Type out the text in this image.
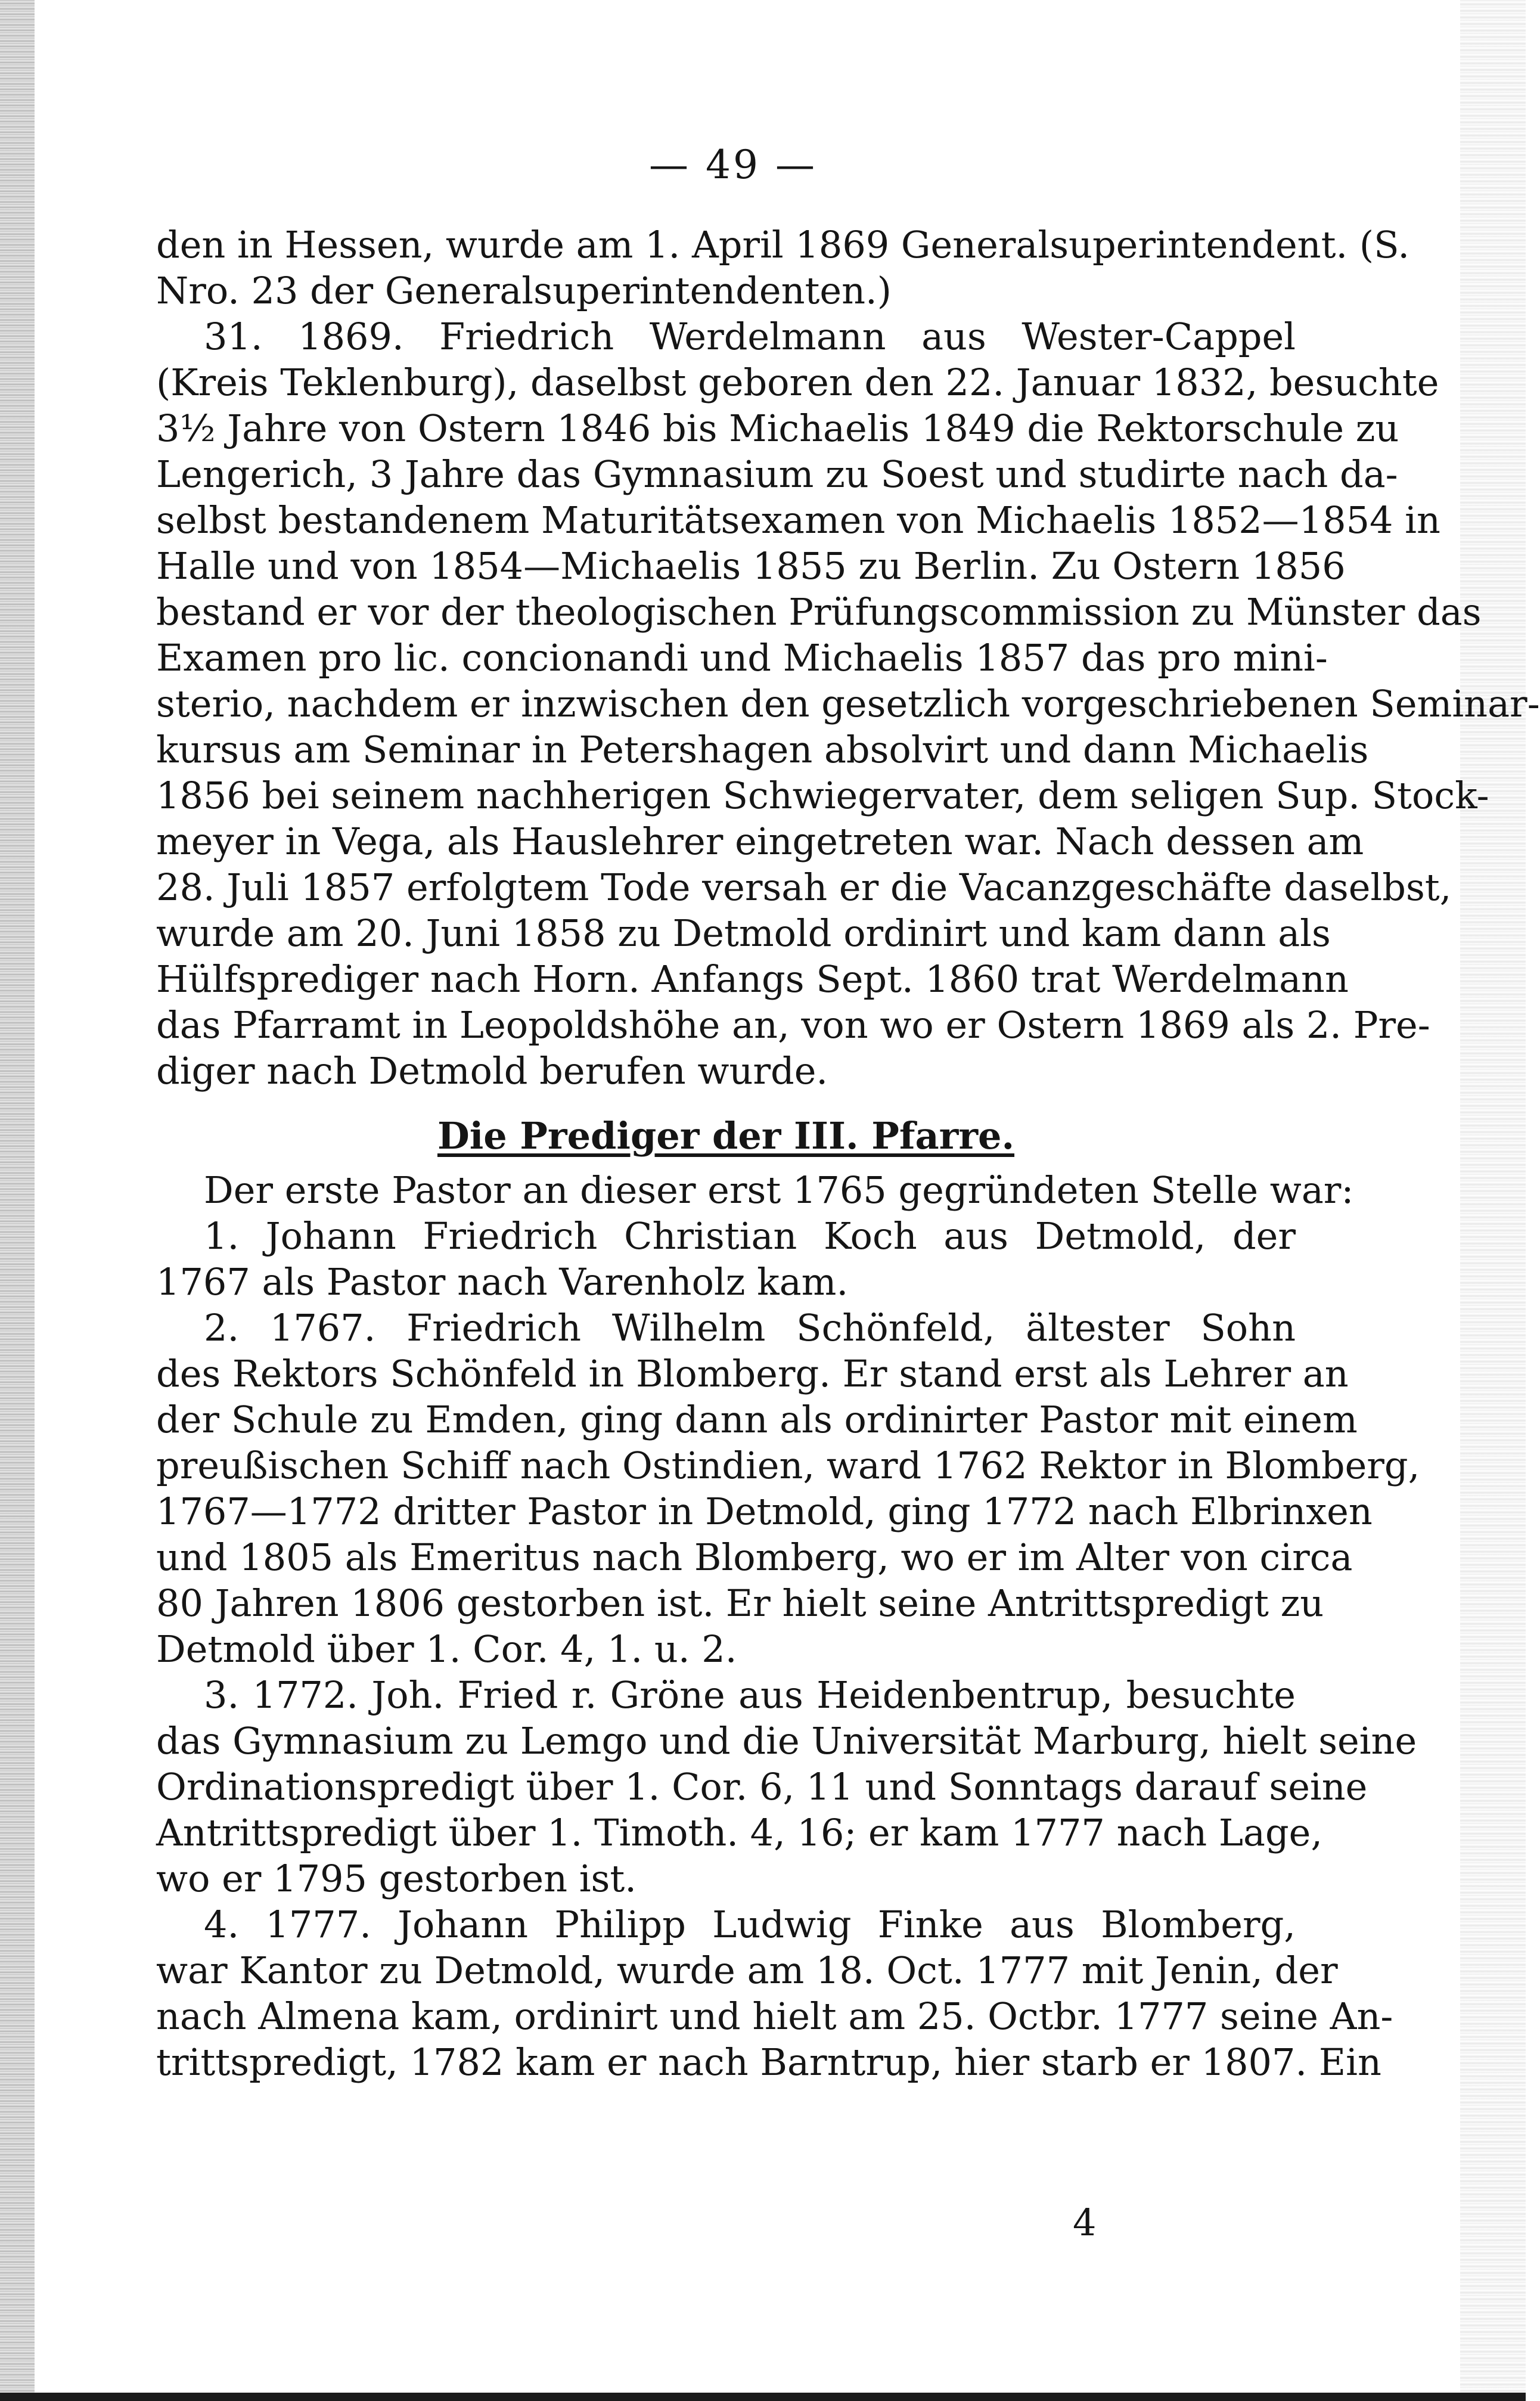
— 49 —
den in Hessen, wurde am 1. April 1869 Generalsuperintendent. (S.
Nro. 23 der Generalsuperintendenten.)
31. 1869. Friedrich Werdelmann aus Wester-Cappel
(Kreis Teklenburg), daselbst geboren den 22. Januar 1832, besuchte
3½ Jahre von Ostern 1846 bis Michaelis 1849 die Rektorschule zu
Lengerich, 3 Jahre das Gymnasium zu Soest und studirte nach da-
selbst bestandenem Maturitätsexamen von Michaelis 1852—1854 in
Halle und von 1854—Michaelis 1855 zu Berlin. Zu Ostern 1856
bestand er vor der theologischen Prüfungscommission zu Münster das
Examen pro lic. concionandi und Michaelis 1857 das pro mini-
sterio, nachdem er inzwischen den gesetzlich vorgeschriebenen Seminar-
kursus am Seminar in Petershagen absolvirt und dann Michaelis
1856 bei seinem nachherigen Schwiegervater, dem seligen Sup. Stock-
meyer in Vega, als Hauslehrer eingetreten war. Nach dessen am
28. Juli 1857 erfolgtem Tode versah er die Vacanzgeschäfte daselbst,
wurde am 20. Juni 1858 zu Detmold ordinirt und kam dann als
Hülfsprediger nach Horn. Anfangs Sept. 1860 trat Werdelmann
das Pfarramt in Leopoldshöhe an, von wo er Ostern 1869 als 2. Pre-
diger nach Detmold berufen wurde.
Die Prediger der III. Pfarre.
Der erste Pastor an dieser erst 1765 gegründeten Stelle war:
1. Johann Friedrich Christian Koch aus Detmold, der
1767 als Pastor nach Varenholz kam.
2. 1767. Friedrich Wilhelm Schönfeld, ältester Sohn
des Rektors Schönfeld in Blomberg. Er stand erst als Lehrer an
der Schule zu Emden, ging dann als ordinirter Pastor mit einem
preußischen Schiff nach Ostindien, ward 1762 Rektor in Blomberg,
1767—1772 dritter Pastor in Detmold, ging 1772 nach Elbrinxen
und 1805 als Emeritus nach Blomberg, wo er im Alter von circa
80 Jahren 1806 gestorben ist. Er hielt seine Antrittspredigt zu
Detmold über 1. Cor. 4, 1. u. 2.
3. 1772. Joh. Fried r. Gröne aus Heidenbentrup, besuchte
das Gymnasium zu Lemgo und die Universität Marburg, hielt seine
Ordinationspredigt über 1. Cor. 6, 11 und Sonntags darauf seine
Antrittspredigt über 1. Timoth. 4, 16; er kam 1777 nach Lage,
wo er 1795 gestorben ist.
4. 1777. Johann Philipp Ludwig Finke aus Blomberg,
war Kantor zu Detmold, wurde am 18. Oct. 1777 mit Jenin, der
nach Almena kam, ordinirt und hielt am 25. Octbr. 1777 seine An-
trittspredigt, 1782 kam er nach Barntrup, hier starb er 1807. Ein
4
